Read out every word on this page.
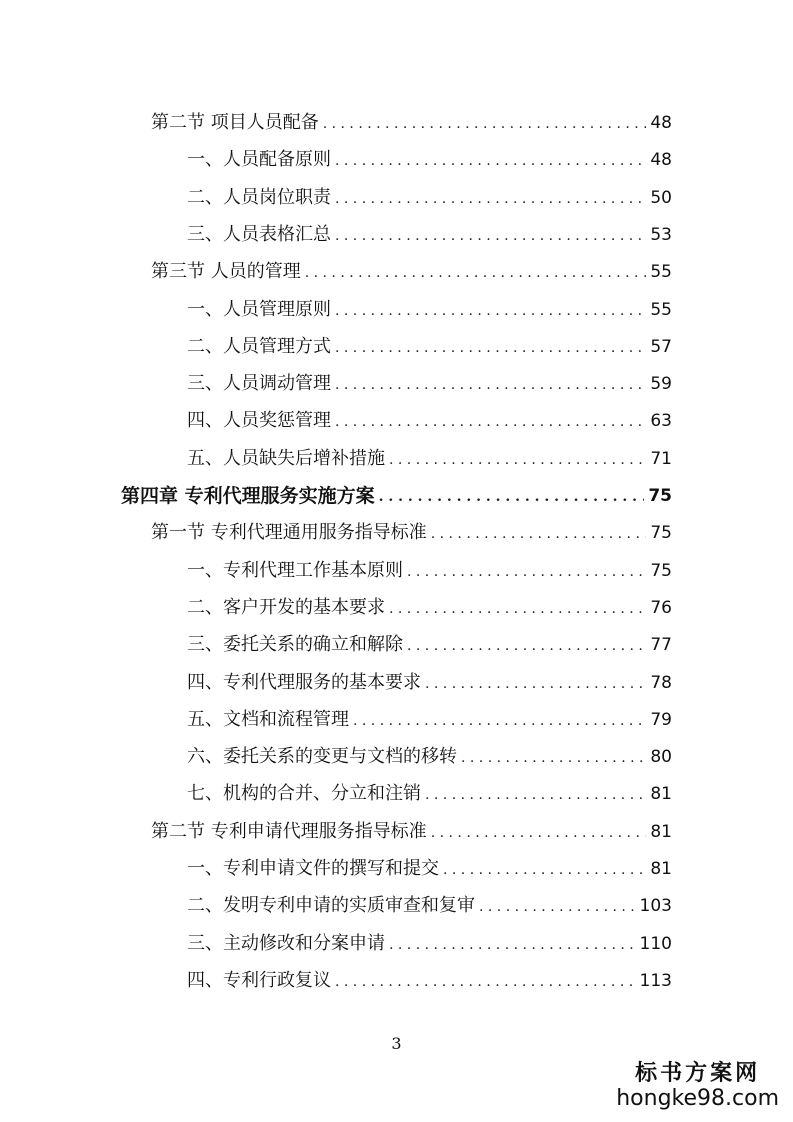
第二节 项目人员配备 . . .	48
一、人员配备原则 . . .	48
二、人员岗位职责 . . .	50
三、人员表格汇总 . . .	53
第三节 人员的管理 . . .	55
一、人员管理原则 . . .	55
二、人员管理方式 . . .	57
三、人员调动管理 . . .	59
四、人员奖惩管理 . . .	63
五、人员缺失后增补措施 . . .	71
第四章 专利代理服务实施方案 . . .	75
第一节 专利代理通用服务指导标准 . . .	75
一、专利代理工作基本原则 . . .	75
二、客户开发的基本要求 . . .	76
三、委托关系的确立和解除 . . .	77
四、专利代理服务的基本要求 . . .	78
五、文档和流程管理 . . .	79
六、委托关系的变更与文档的移转 . . .	80
七、机构的合并、分立和注销 . . .	81
第二节 专利申请代理服务指导标准 . . .	81
一、专利申请文件的撰写和提交 . . .	81
二、发明专利申请的实质审查和复审 . . .	103
三、主动修改和分案申请 . . .	110
四、专利行政复议 . . .	113
3
标书方案网
hongke98.com
